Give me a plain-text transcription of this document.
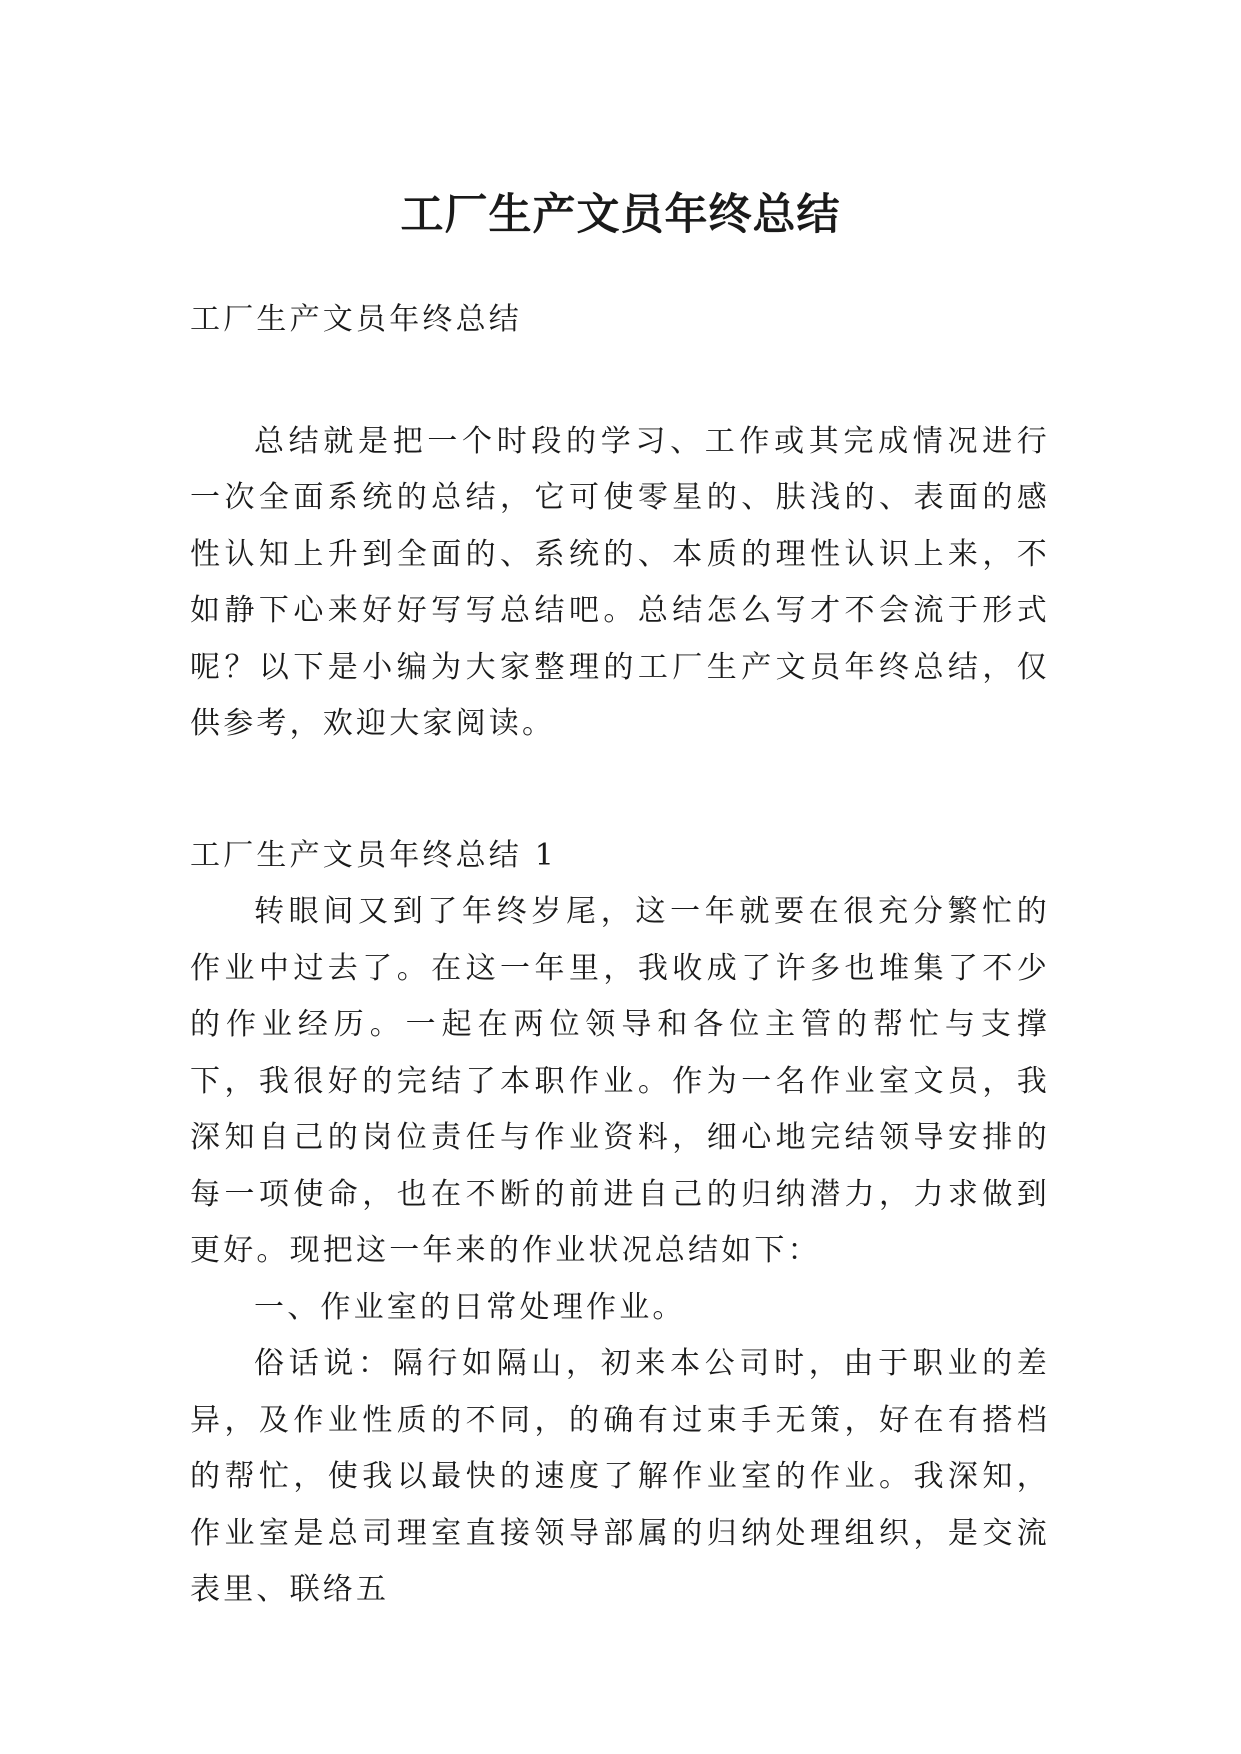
工厂生产文员年终总结

工厂生产文员年终总结

总结就是把一个时段的学习、工作或其完成情况进行一次全面系统的总结，它可使零星的、肤浅的、表面的感性认知上升到全面的、系统的、本质的理性认识上来，不如静下心来好好写写总结吧。总结怎么写才不会流于形式呢？以下是小编为大家整理的工厂生产文员年终总结，仅供参考，欢迎大家阅读。

工厂生产文员年终总结 1

转眼间又到了年终岁尾，这一年就要在很充分繁忙的作业中过去了。在这一年里，我收成了许多也堆集了不少的作业经历。一起在两位领导和各位主管的帮忙与支撑下，我很好的完结了本职作业。作为一名作业室文员，我深知自己的岗位责任与作业资料，细心地完结领导安排的每一项使命，也在不断的前进自己的归纳潜力，力求做到更好。现把这一年来的作业状况总结如下：

一、作业室的日常处理作业。

俗话说：隔行如隔山，初来本公司时，由于职业的差异，及作业性质的不同，的确有过束手无策，好在有搭档的帮忙，使我以最快的速度了解作业室的作业。我深知，作业室是总司理室直接领导部属的归纳处理组织，是交流表里、联络五
